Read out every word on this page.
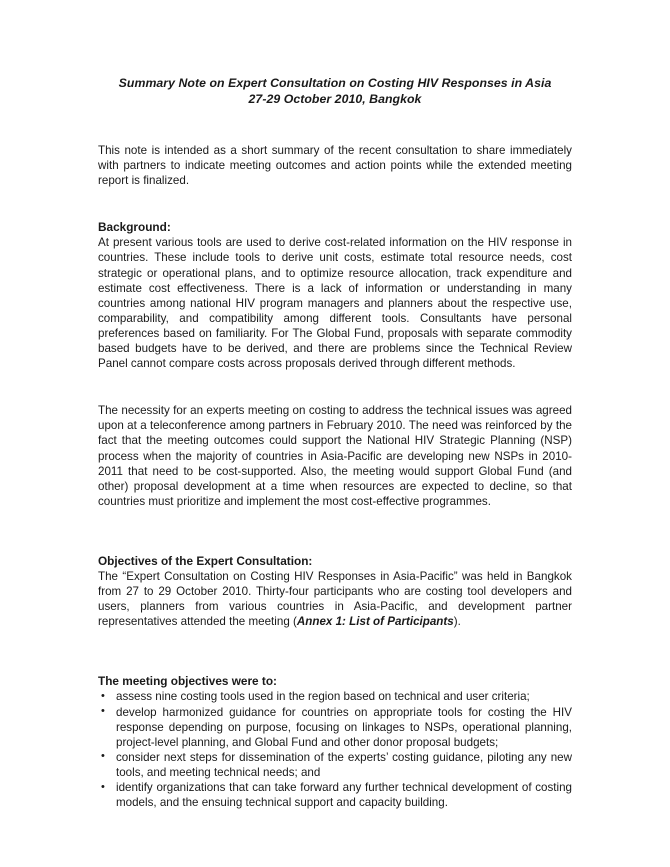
Summary Note on Expert Consultation on Costing HIV Responses in Asia
27-29 October 2010, Bangkok

This note is intended as a short summary of the recent consultation to share immediately with partners to indicate meeting outcomes and action points while the extended meeting report is finalized.

Background:

At present various tools are used to derive cost-related information on the HIV response in countries. These include tools to derive unit costs, estimate total resource needs, cost strategic or operational plans, and to optimize resource allocation, track expenditure and estimate cost effectiveness. There is a lack of information or understanding in many countries among national HIV program managers and planners about the respective use, comparability, and compatibility among different tools. Consultants have personal preferences based on familiarity. For The Global Fund, proposals with separate commodity based budgets have to be derived, and there are problems since the Technical Review Panel cannot compare costs across proposals derived through different methods.

The necessity for an experts meeting on costing to address the technical issues was agreed upon at a teleconference among partners in February 2010. The need was reinforced by the fact that the meeting outcomes could support the National HIV Strategic Planning (NSP) process when the majority of countries in Asia-Pacific are developing new NSPs in 2010-2011 that need to be cost-supported. Also, the meeting would support Global Fund (and other) proposal development at a time when resources are expected to decline, so that countries must prioritize and implement the most cost-effective programmes.

Objectives of the Expert Consultation:

The “Expert Consultation on Costing HIV Responses in Asia-Pacific” was held in Bangkok from 27 to 29 October 2010. Thirty-four participants who are costing tool developers and users, planners from various countries in Asia-Pacific, and development partner representatives attended the meeting (Annex 1: List of Participants).

The meeting objectives were to:
• assess nine costing tools used in the region based on technical and user criteria;
• develop harmonized guidance for countries on appropriate tools for costing the HIV response depending on purpose, focusing on linkages to NSPs, operational planning, project-level planning, and Global Fund and other donor proposal budgets;
• consider next steps for dissemination of the experts’ costing guidance, piloting any new tools, and meeting technical needs; and
• identify organizations that can take forward any further technical development of costing models, and the ensuing technical support and capacity building.
